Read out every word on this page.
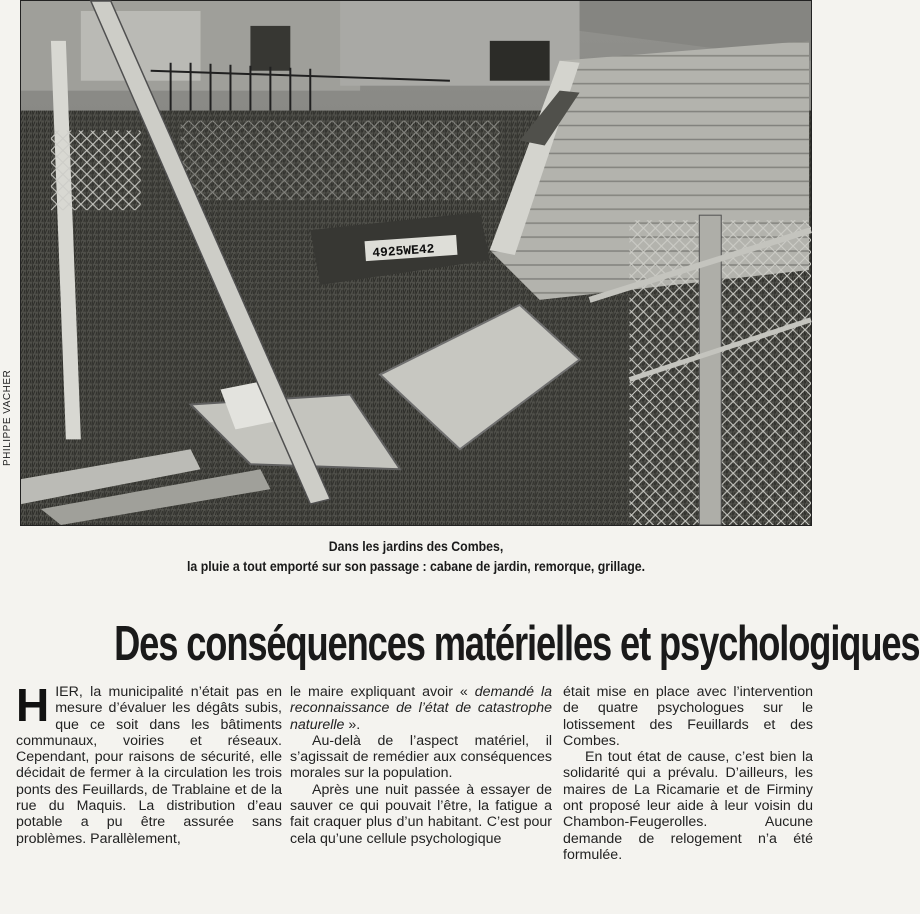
4925WE42
PHILIPPE VACHER
Dans les jardins des Combes,
la pluie a tout emporté sur son passage : cabane de jardin, remorque, grillage.
Des conséquences matérielles et psychologiques

HIER, la municipalité n’était pas en mesure d’évaluer les dégâts subis, que ce soit dans les bâtiments communaux, voiries et réseaux. Cependant, pour raisons de sécurité, elle décidait de fermer à la circulation les trois ponts des Feuillards, de Trablaine et de la rue du Maquis. La distribution d’eau potable a pu être assurée sans problèmes. Parallèlement,

le maire expliquant avoir « demandé la reconnaissance de l’état de catastrophe naturelle ».

Au-delà de l’aspect matériel, il s’agissait de remédier aux conséquences morales sur la population.

Après une nuit passée à essayer de sauver ce qui pouvait l’être, la fatigue a fait craquer plus d’un habitant. C’est pour cela qu’une cellule psychologique

était mise en place avec l’intervention de quatre psychologues sur le lotissement des Feuillards et des Combes.

En tout état de cause, c’est bien la solidarité qui a prévalu. D’ailleurs, les maires de La Ricamarie et de Firminy ont proposé leur aide à leur voisin du Chambon-Feugerolles. Aucune demande de relogement n’a été formulée.
